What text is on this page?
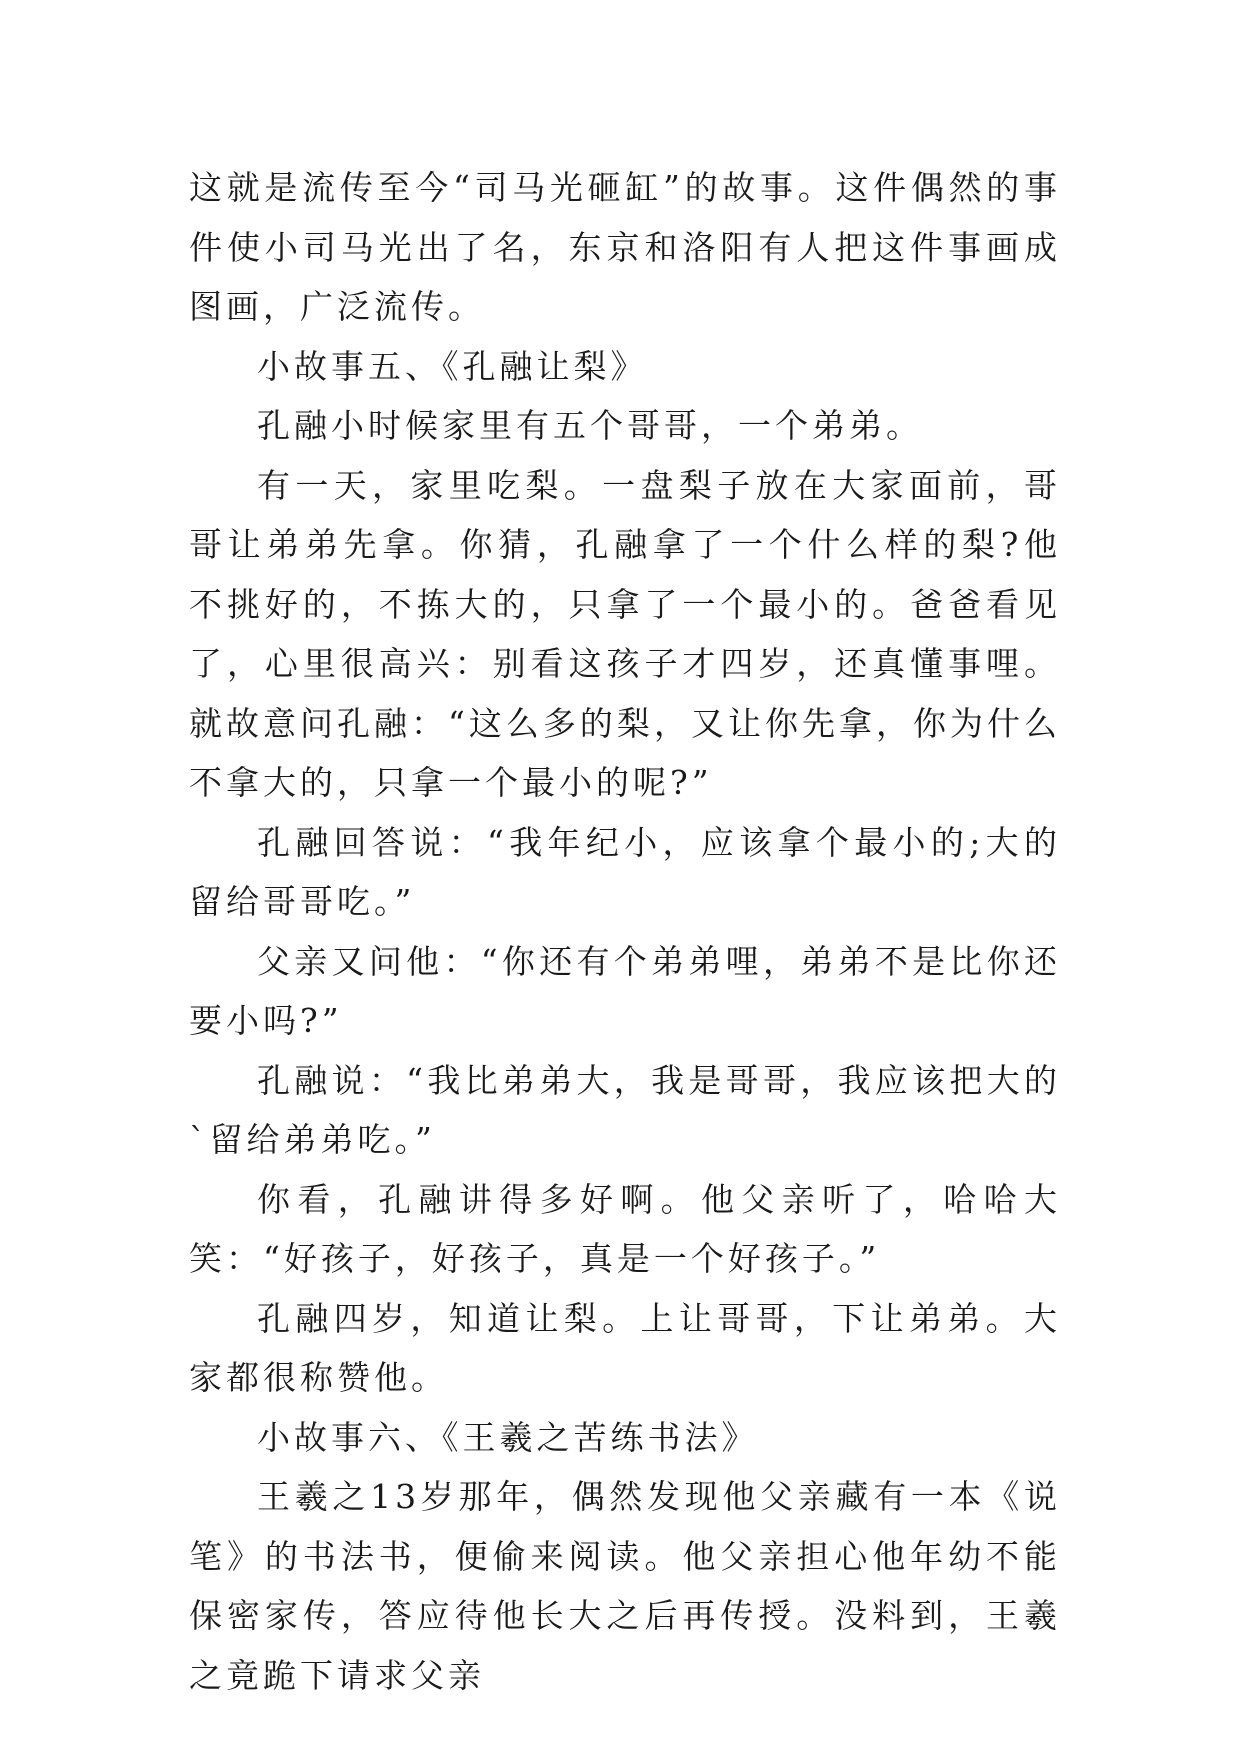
这就是流传至今“司马光砸缸”的故事。这件偶然的事件使小司马光出了名，东京和洛阳有人把这件事画成图画，广泛流传。

小故事五、《孔融让梨》

孔融小时候家里有五个哥哥，一个弟弟。

有一天，家里吃梨。一盘梨子放在大家面前，哥哥让弟弟先拿。你猜，孔融拿了一个什么样的梨?他不挑好的，不拣大的，只拿了一个最小的。爸爸看见了，心里很高兴：别看这孩子才四岁，还真懂事哩。就故意问孔融：“这么多的梨，又让你先拿，你为什么不拿大的，只拿一个最小的呢?”

孔融回答说：“我年纪小，应该拿个最小的;大的留给哥哥吃。”

父亲又问他：“你还有个弟弟哩，弟弟不是比你还要小吗?”

孔融说：“我比弟弟大，我是哥哥，我应该把大的`留给弟弟吃。”

你看，孔融讲得多好啊。他父亲听了，哈哈大笑：“好孩子，好孩子，真是一个好孩子。”

孔融四岁，知道让梨。上让哥哥，下让弟弟。大家都很称赞他。

小故事六、《王羲之苦练书法》

王羲之13岁那年，偶然发现他父亲藏有一本《说笔》的书法书，便偷来阅读。他父亲担心他年幼不能保密家传，答应待他长大之后再传授。没料到，王羲之竟跪下请求父亲
